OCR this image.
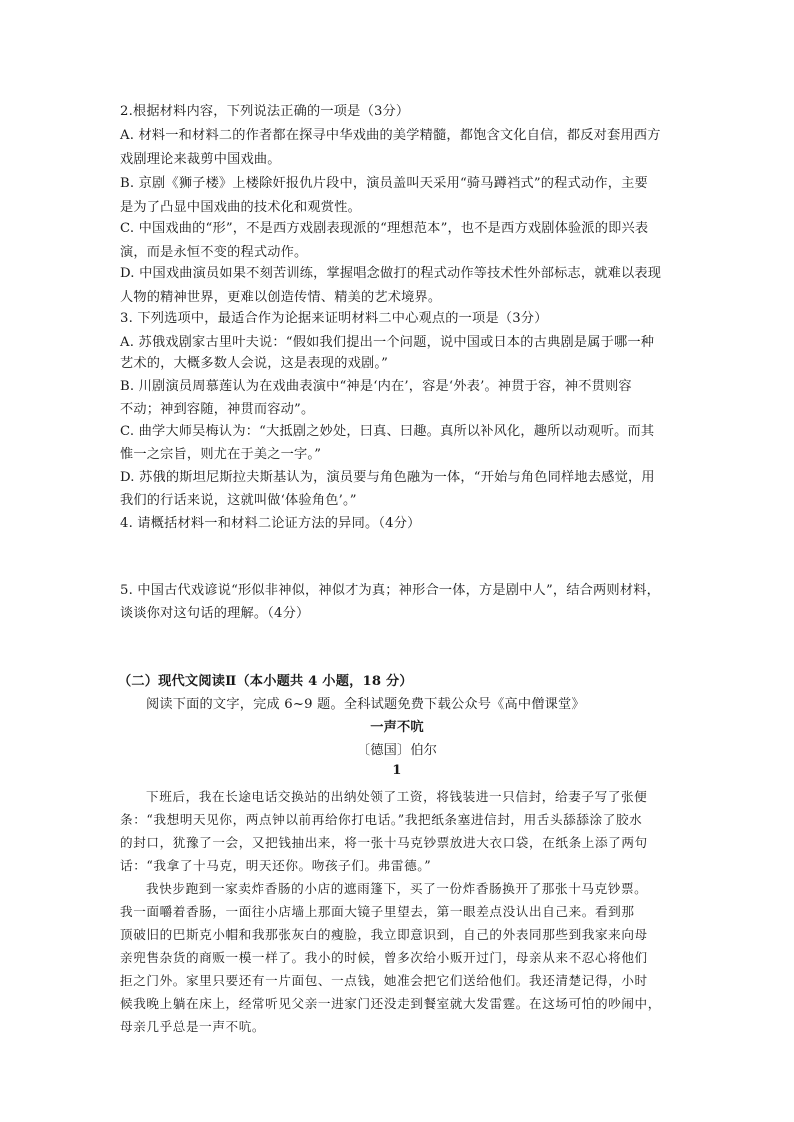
2.根据材料内容，下列说法正确的一项是（3分）
A. 材料一和材料二的作者都在探寻中华戏曲的美学精髓，都饱含文化自信，都反对套用西方
戏剧理论来裁剪中国戏曲。
B. 京剧《狮子楼》上楼除奸报仇片段中，演员盖叫天采用“骑马蹲裆式”的程式动作，主要
是为了凸显中国戏曲的技术化和观赏性。
C. 中国戏曲的“形”，不是西方戏剧表现派的“理想范本”，也不是西方戏剧体验派的即兴表
演，而是永恒不变的程式动作。
D. 中国戏曲演员如果不刻苦训练，掌握唱念做打的程式动作等技术性外部标志，就难以表现
人物的精神世界，更难以创造传情、精美的艺术境界。
3. 下列选项中，最适合作为论据来证明材料二中心观点的一项是（3分）
A. 苏俄戏剧家古里叶夫说：“假如我们提出一个问题，说中国或日本的古典剧是属于哪一种
艺术的，大概多数人会说，这是表现的戏剧。”
B. 川剧演员周慕莲认为在戏曲表演中“神是‘内在’，容是‘外表’。神贯于容，神不贯则容
不动；神到容随，神贯而容动”。
C. 曲学大师吴梅认为：“大抵剧之妙处，曰真、曰趣。真所以补风化，趣所以动观听。而其
惟一之宗旨，则尤在于美之一字。”
D. 苏俄的斯坦尼斯拉夫斯基认为，演员要与角色融为一体，“开始与角色同样地去感觉，用
我们的行话来说，这就叫做‘体验角色’。”
4. 请概括材料一和材料二论证方法的异同。（4分）
5. 中国古代戏谚说“形似非神似，神似才为真；神形合一体，方是剧中人”，结合两则材料，
谈谈你对这句话的理解。（4分）
（二）现代文阅读Ⅱ（本小题共 4 小题，18 分）
阅读下面的文字，完成 6~9 题。全科试题免费下载公众号《高中僧课堂》
一声不吭
〔德国〕伯尔
1
下班后，我在长途电话交换站的出纳处领了工资，将钱装进一只信封，给妻子写了张便
条：“我想明天见你，两点钟以前再给你打电话。”我把纸条塞进信封，用舌头舔舔涂了胶水
的封口，犹豫了一会，又把钱抽出来，将一张十马克钞票放进大衣口袋，在纸条上添了两句
话：“我拿了十马克，明天还你。吻孩子们。弗雷德。”
我快步跑到一家卖炸香肠的小店的遮雨篷下，买了一份炸香肠换开了那张十马克钞票。
我一面嚼着香肠，一面往小店墙上那面大镜子里望去，第一眼差点没认出自己来。看到那
顶破旧的巴斯克小帽和我那张灰白的瘦脸，我立即意识到，自己的外表同那些到我家来向母
亲兜售杂货的商贩一模一样了。我小的时候，曾多次给小贩开过门，母亲从来不忍心将他们
拒之门外。家里只要还有一片面包、一点钱，她准会把它们送给他们。我还清楚记得，小时
候我晚上躺在床上，经常听见父亲一进家门还没走到餐室就大发雷霆。在这场可怕的吵闹中，
母亲几乎总是一声不吭。
